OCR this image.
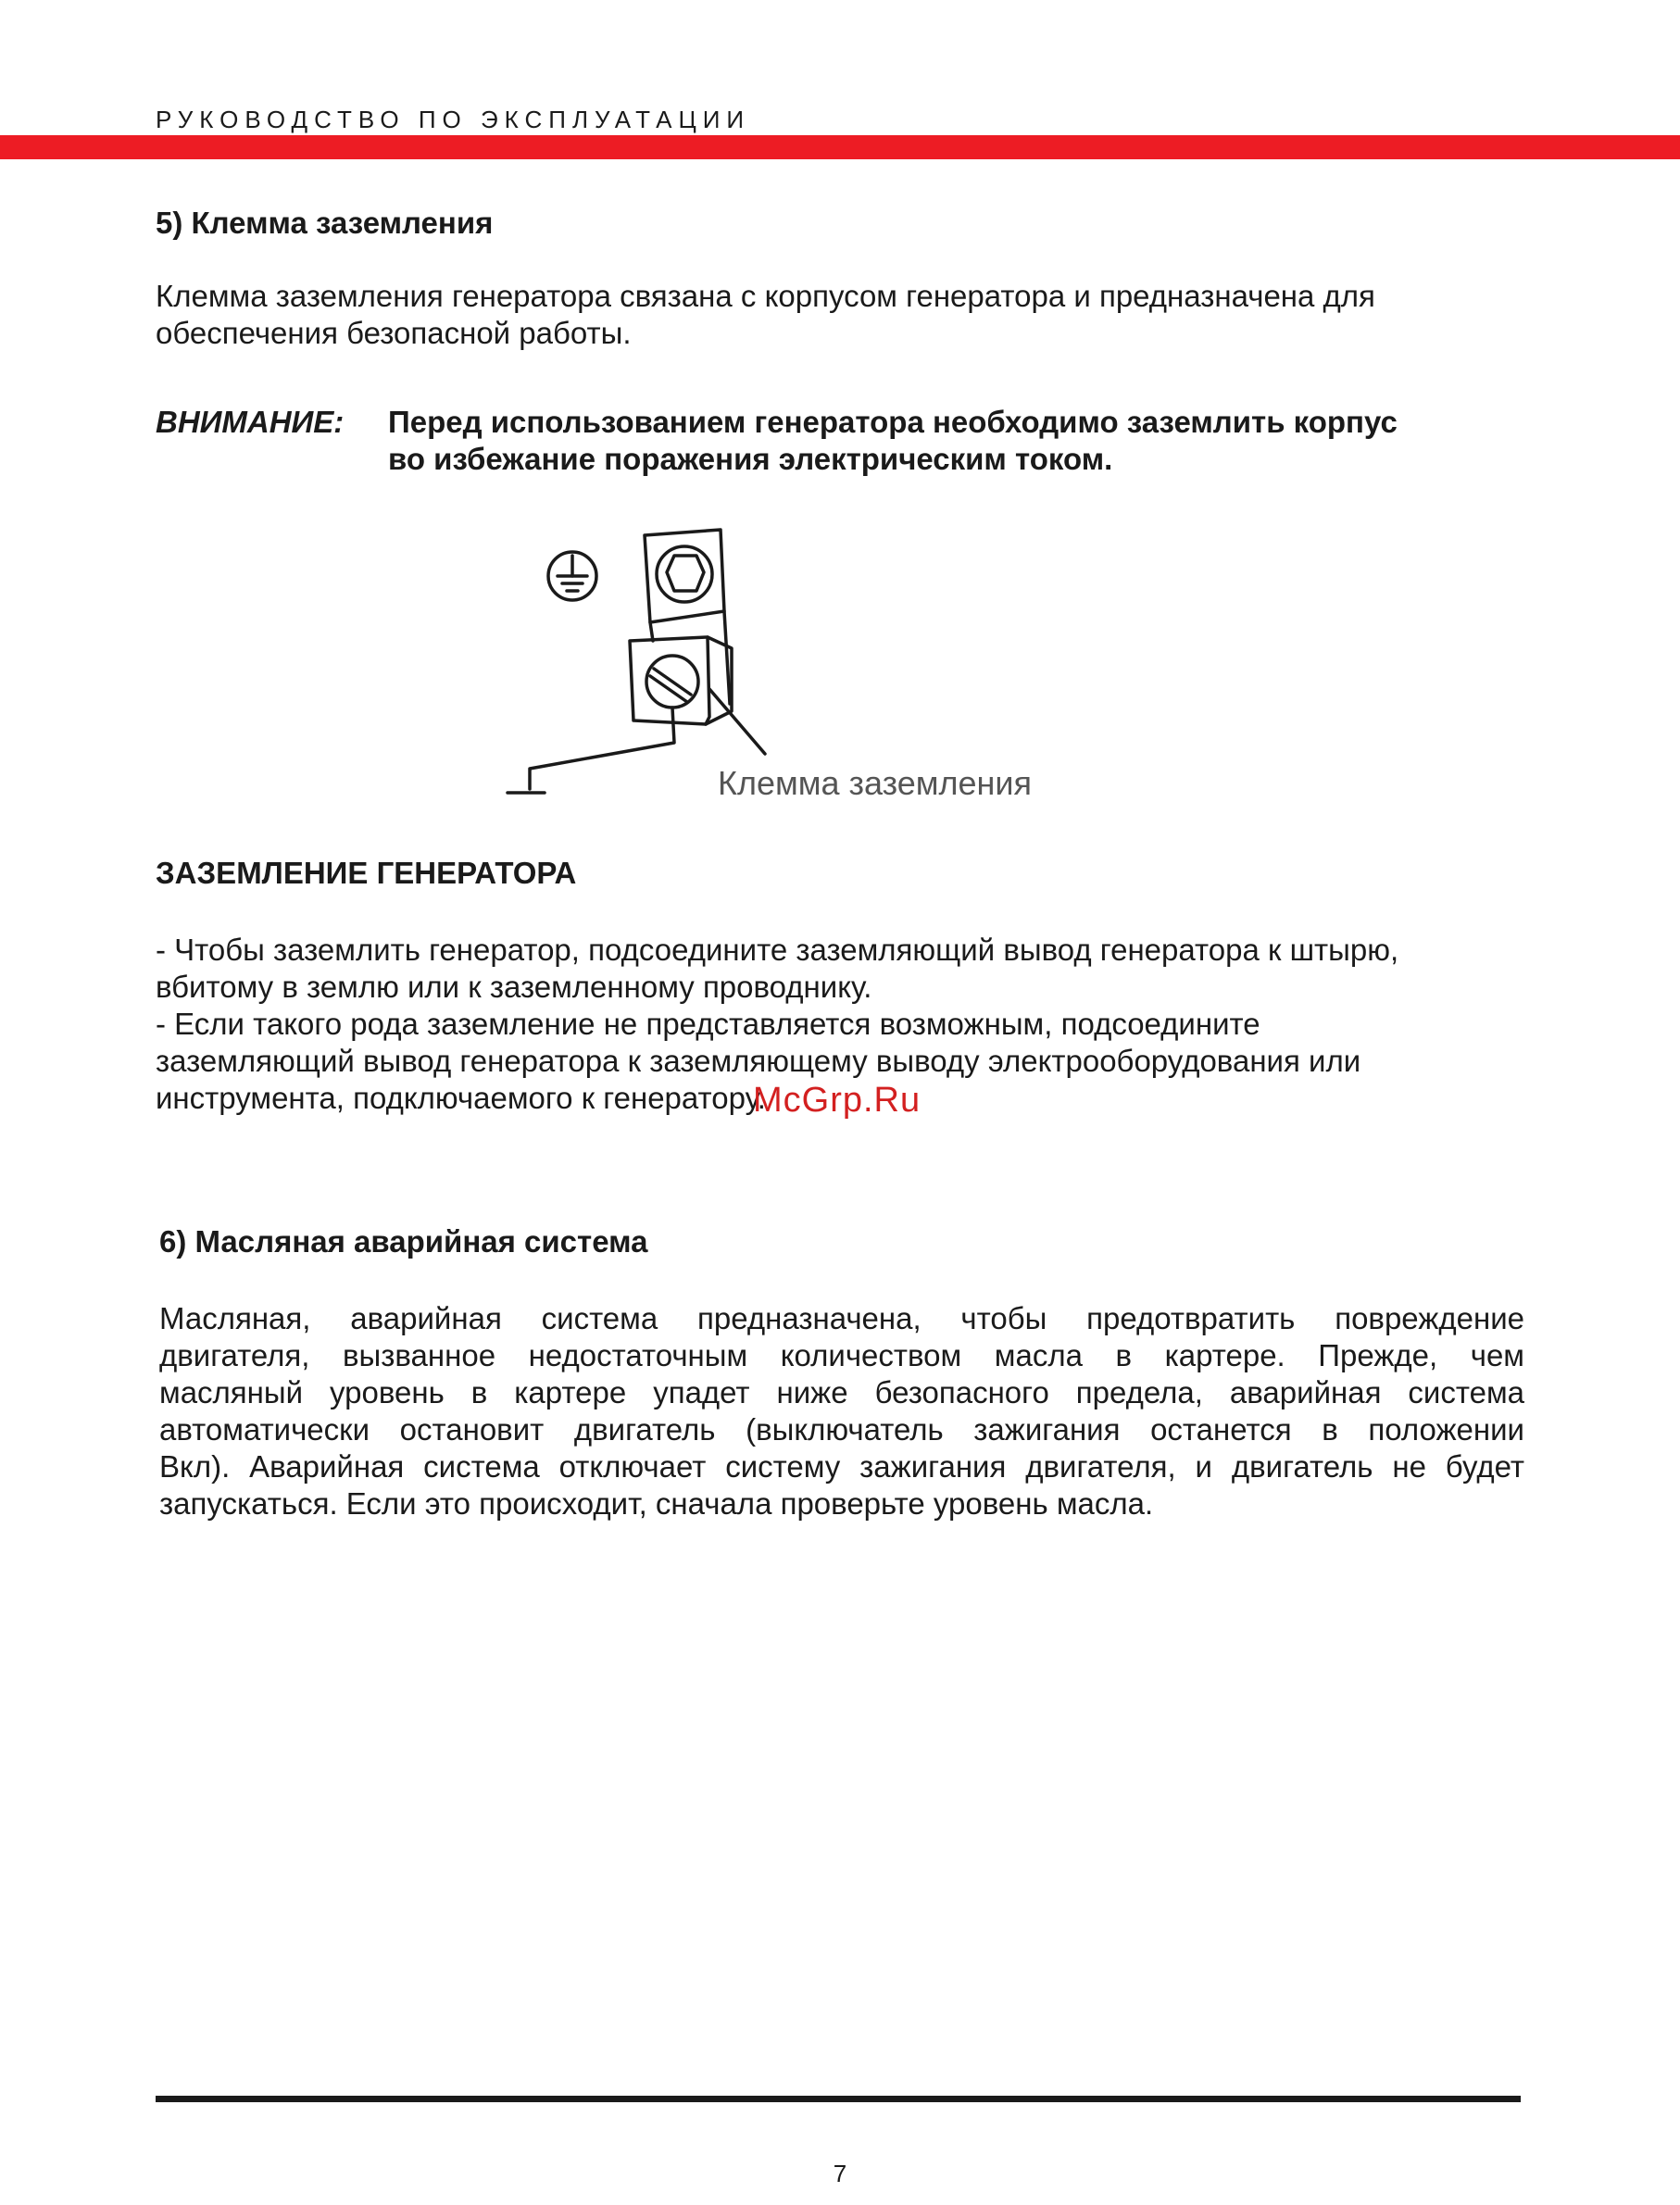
РУКОВОДСТВО ПО ЭКСПЛУАТАЦИИ
5) Клемма заземления

Клемма заземления генератора связана с корпусом генератора и предназначена для
обеспечения безопасной работы.

ВНИМАНИЕ: Перед использованием генератора необходимо заземлить корпус
во избежание поражения электрическим током.
Клемма заземления
ЗАЗЕМЛЕНИЕ ГЕНЕРАТОРА

- Чтобы заземлить генератор, подсоедините заземляющий вывод генератора к штырю,
вбитому в землю или к заземленному проводнику.
- Если такого рода заземление не представляется возможным, подсоедините
заземляющий вывод генератора к заземляющему выводу электрооборудования или
инструмента, подключаемого к генератору.

McGrp.Ru
6) Масляная аварийная система
Масляная, аварийная система предназначена, чтобы предотвратить повреждение
двигателя, вызванное недостаточным количеством масла в картере. Прежде, чем
масляный уровень в картере упадет ниже безопасного предела, аварийная система
автоматически остановит двигатель (выключатель зажигания останется в положении
Вкл). Аварийная система отключает систему зажигания двигателя, и двигатель не будет
запускаться. Если это происходит, сначала проверьте уровень масла.
7
